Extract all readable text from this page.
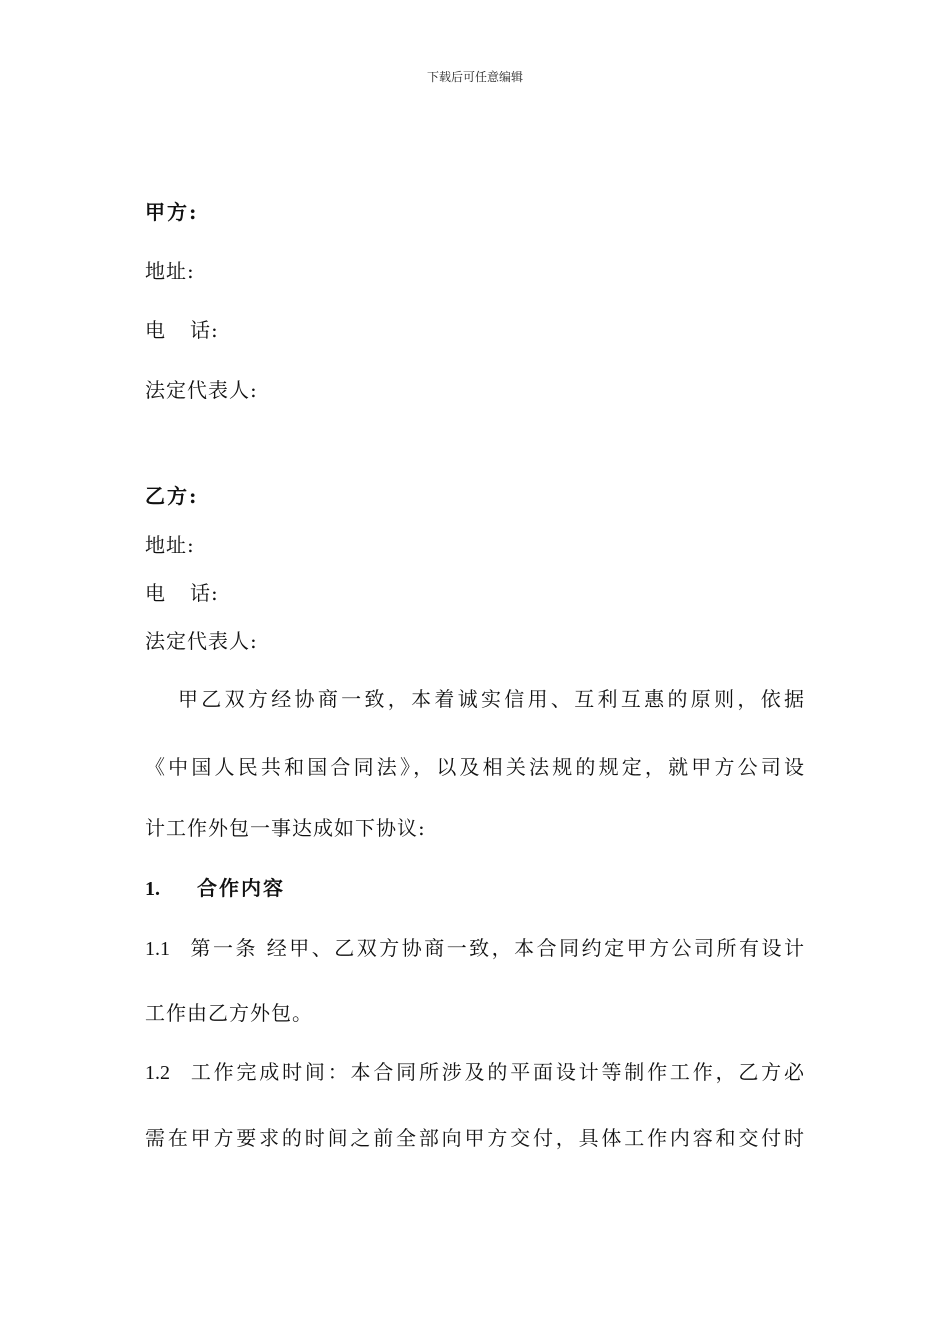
下载后可任意编辑
甲方:
地址:
电 话:
法定代表人:
乙方:
地址:
电 话:
法定代表人:
甲乙双方经协商一致，本着诚实信用、互利互惠的原则，依据
《中国人民共和国合同法》，以及相关法规的规定，就甲方公司设
计工作外包一事达成如下协议:
1. 合作内容
1.1 第一条 经甲、乙双方协商一致，本合同约定甲方公司所有设计
工作由乙方外包。
1.2 工作完成时间：本合同所涉及的平面设计等制作工作，乙方必
需在甲方要求的时间之前全部向甲方交付，具体工作内容和交付时
